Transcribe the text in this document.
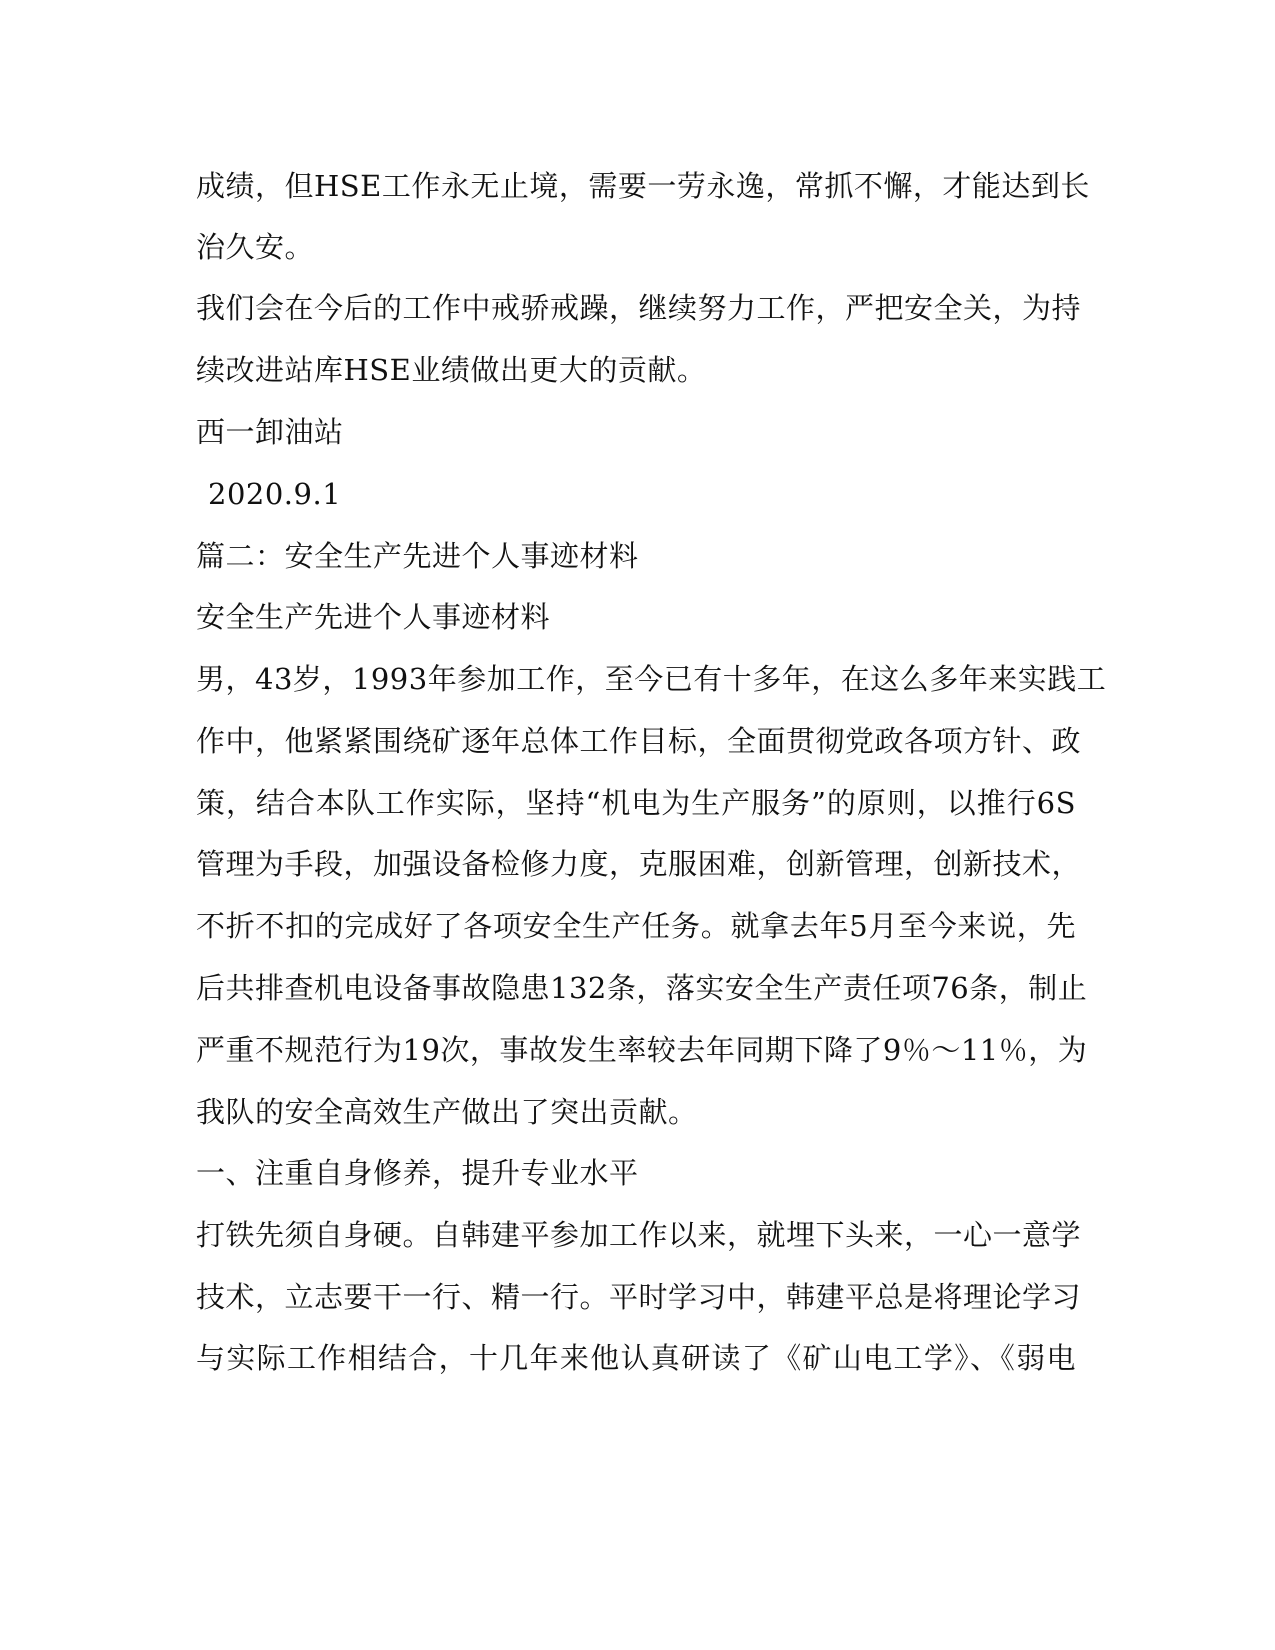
成绩，但HSE工作永无止境，需要一劳永逸，常抓不懈，才能达到长
治久安。
我们会在今后的工作中戒骄戒躁，继续努力工作，严把安全关，为持
续改进站库HSE业绩做出更大的贡献。
西一卸油站
2020.9.1
篇二：安全生产先进个人事迹材料
安全生产先进个人事迹材料
男，43岁，1993年参加工作，至今已有十多年，在这么多年来实践工
作中，他紧紧围绕矿逐年总体工作目标，全面贯彻党政各项方针、政
策，结合本队工作实际，坚持“机电为生产服务”的原则，以推行6S
管理为手段，加强设备检修力度，克服困难，创新管理，创新技术，
不折不扣的完成好了各项安全生产任务。就拿去年5月至今来说，先
后共排查机电设备事故隐患132条，落实安全生产责任项76条，制止
严重不规范行为19次，事故发生率较去年同期下降了9％～11％，为
我队的安全高效生产做出了突出贡献。
一、注重自身修养，提升专业水平
打铁先须自身硬。自韩建平参加工作以来，就埋下头来，一心一意学
技术，立志要干一行、精一行。平时学习中，韩建平总是将理论学习
与实际工作相结合，十几年来他认真研读了《矿山电工学》、《弱电
